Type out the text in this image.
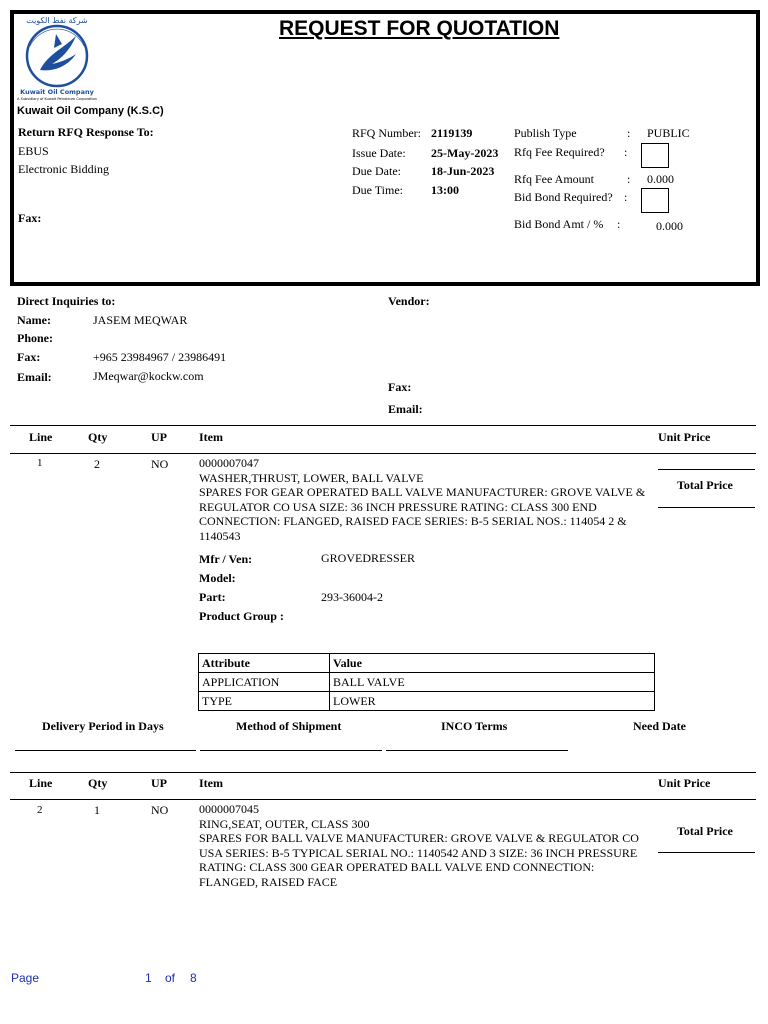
شركة نفط الكويت
Kuwait Oil Company
A Subsidiary of Kuwait Petroleum Corporation
REQUEST FOR QUOTATION
Kuwait Oil Company (K.S.C)
Return RFQ Response To:
EBUS
Electronic Bidding
Fax:
RFQ Number: 2119139
Issue Date: 25-May-2023
Due Date:	18-Jun-2023
Due Time: 13:00
Publish Type	: PUBLIC
Rfq Fee Required? :
Rfq Fee Amount	: 0.000
Bid Bond Required? :
Bid Bond Amt / % :	0.000
Direct Inquiries to:
Name:	JASEM MEQWAR
Phone:
Fax:	+965 23984967 / 23986491
Email:	JMeqwar@kockw.com
Vendor:
Fax:
Email:
Line	Qty	UP	Item	Unit Price
1	2	NO	0000007047
WASHER,THRUST, LOWER, BALL VALVE
SPARES FOR GEAR OPERATED BALL VALVE MANUFACTURER: GROVE VALVE & REGULATOR CO USA SIZE: 36 INCH PRESSURE RATING: CLASS 300 END CONNECTION: FLANGED, RAISED FACE SERIES: B-5 SERIAL NOS.: 114054 2 & 1140543
Total Price
Mfr / Ven:	GROVEDRESSER
Model:
Part:	293-36004-2
Product Group :
Attribute	Value
APPLICATION	BALL VALVE
TYPE	LOWER
Delivery Period in Days	Method of Shipment	INCO Terms	Need Date
Line	Qty	UP	Item	Unit Price
2	1	NO	0000007045
RING,SEAT, OUTER, CLASS 300
SPARES FOR BALL VALVE MANUFACTURER: GROVE VALVE & REGULATOR CO USA SERIES: B-5 TYPICAL SERIAL NO.: 1140542 AND 3 SIZE: 36 INCH PRESSURE RATING: CLASS 300 GEAR OPERATED BALL VALVE END CONNECTION: FLANGED, RAISED FACE
Total Price
Page	1 of 8
